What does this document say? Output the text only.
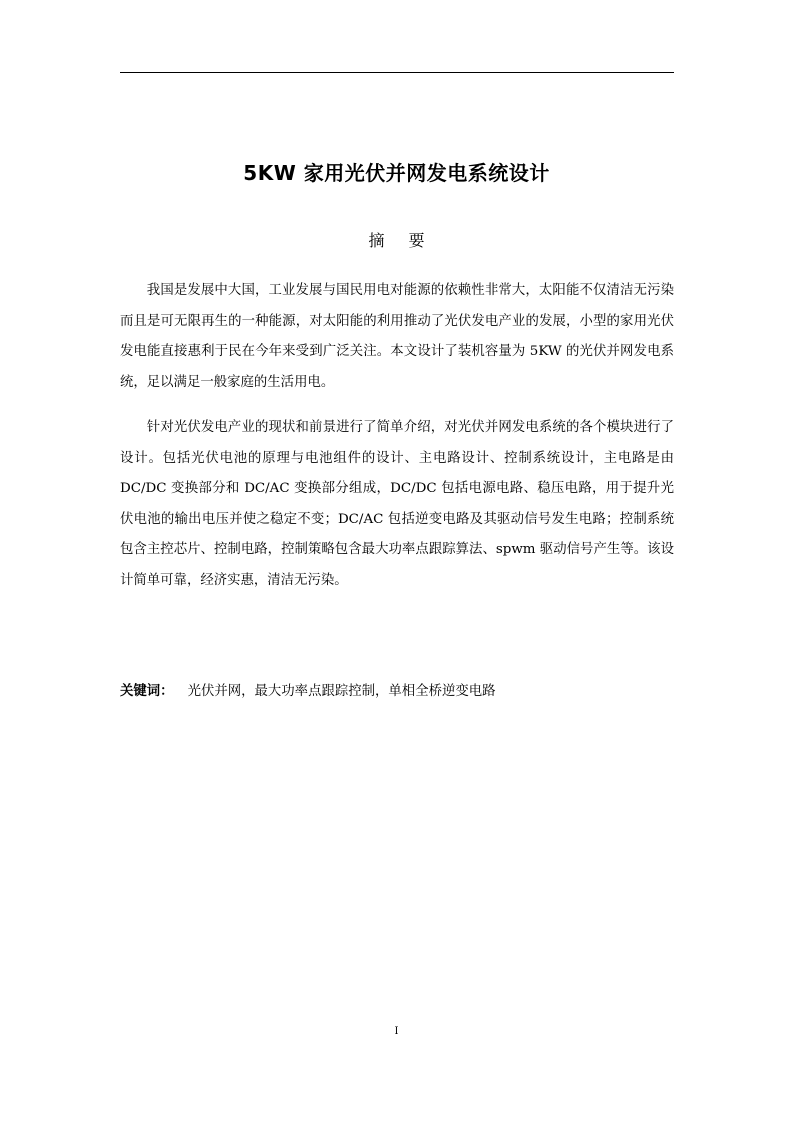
5KW 家用光伏并网发电系统设计
摘要

我国是发展中大国，工业发展与国民用电对能源的依赖性非常大，太阳能不仅清洁无污染而且是可无限再生的一种能源，对太阳能的利用推动了光伏发电产业的发展，小型的家用光伏发电能直接惠利于民在今年来受到广泛关注。本文设计了装机容量为 5KW 的光伏并网发电系统，足以满足一般家庭的生活用电。

针对光伏发电产业的现状和前景进行了简单介绍，对光伏并网发电系统的各个模块进行了设计。包括光伏电池的原理与电池组件的设计、主电路设计、控制系统设计，主电路是由 DC/DC 变换部分和 DC/AC 变换部分组成，DC/DC 包括电源电路、稳压电路，用于提升光伏电池的输出电压并使之稳定不变；DC/AC 包括逆变电路及其驱动信号发生电路；控制系统包含主控芯片、控制电路，控制策略包含最大功率点跟踪算法、spwm 驱动信号产生等。该设计简单可靠，经济实惠，清洁无污染。

关键词： 光伏并网，最大功率点跟踪控制，单相全桥逆变电路
I
